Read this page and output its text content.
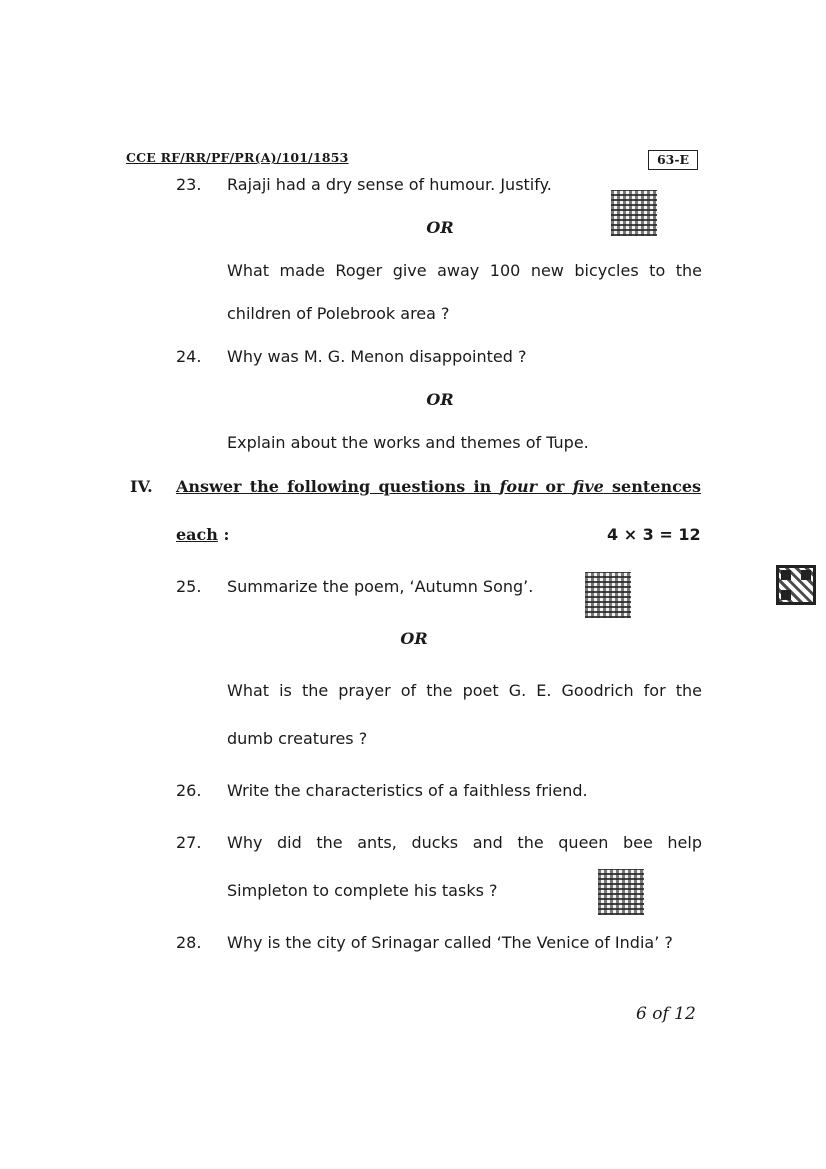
CCE RF/RR/PF/PR(A)/101/1853	63-E
23. Rajaji had a dry sense of humour. Justify.
OR
What made Roger give away 100 new bicycles to the
children of Polebrook area ?
24. Why was M. G. Menon disappointed ?
OR
Explain about the works and themes of Tupe.
IV. Answer the following questions in four or five sentences
each :	4 × 3 = 12
25. Summarize the poem, ‘Autumn Song’.
OR
What is the prayer of the poet G. E. Goodrich for the
dumb creatures ?
26. Write the characteristics of a faithless friend.
27. Why did the ants, ducks and the queen bee help
Simpleton to complete his tasks ?
28. Why is the city of Srinagar called ‘The Venice of India’ ?
6 of 12
